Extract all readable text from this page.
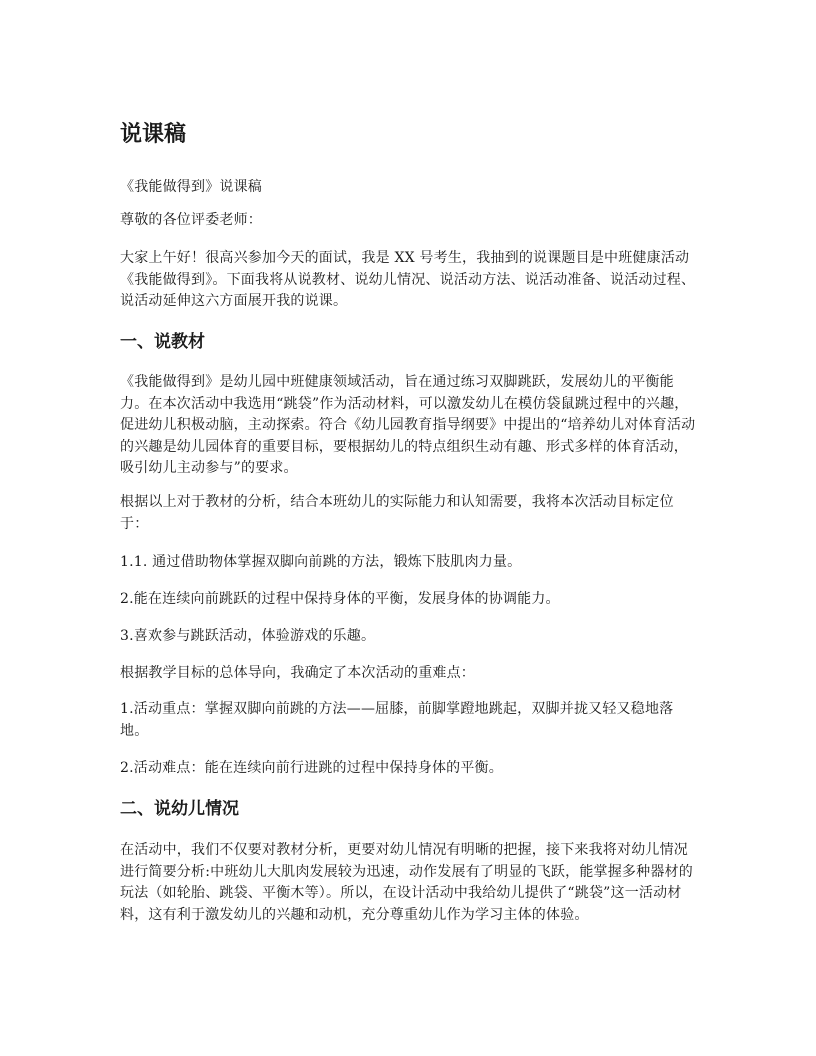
说课稿

《我能做得到》说课稿

尊敬的各位评委老师：

大家上午好！很高兴参加今天的面试，我是 XX 号考生，我抽到的说课题目是中班健康活动《我能做得到》。下面我将从说教材、说幼儿情况、说活动方法、说活动准备、说活动过程、说活动延伸这六方面展开我的说课。

一、说教材

《我能做得到》是幼儿园中班健康领域活动，旨在通过练习双脚跳跃，发展幼儿的平衡能力。在本次活动中我选用“跳袋”作为活动材料，可以激发幼儿在模仿袋鼠跳过程中的兴趣，促进幼儿积极动脑，主动探索。符合《幼儿园教育指导纲要》中提出的“培养幼儿对体育活动的兴趣是幼儿园体育的重要目标，要根据幼儿的特点组织生动有趣、形式多样的体育活动，吸引幼儿主动参与”的要求。

根据以上对于教材的分析，结合本班幼儿的实际能力和认知需要，我将本次活动目标定位于：

1.1. 通过借助物体掌握双脚向前跳的方法，锻炼下肢肌肉力量。

2.能在连续向前跳跃的过程中保持身体的平衡，发展身体的协调能力。

3.喜欢参与跳跃活动，体验游戏的乐趣。

根据教学目标的总体导向，我确定了本次活动的重难点：

1.活动重点：掌握双脚向前跳的方法——屈膝，前脚掌蹬地跳起，双脚并拢又轻又稳地落地。

2.活动难点：能在连续向前行进跳的过程中保持身体的平衡。

二、说幼儿情况

在活动中，我们不仅要对教材分析，更要对幼儿情况有明晰的把握，接下来我将对幼儿情况进行简要分析:中班幼儿大肌肉发展较为迅速，动作发展有了明显的飞跃，能掌握多种器材的玩法（如轮胎、跳袋、平衡木等）。所以，在设计活动中我给幼儿提供了“跳袋”这一活动材料，这有利于激发幼儿的兴趣和动机，充分尊重幼儿作为学习主体的体验。
